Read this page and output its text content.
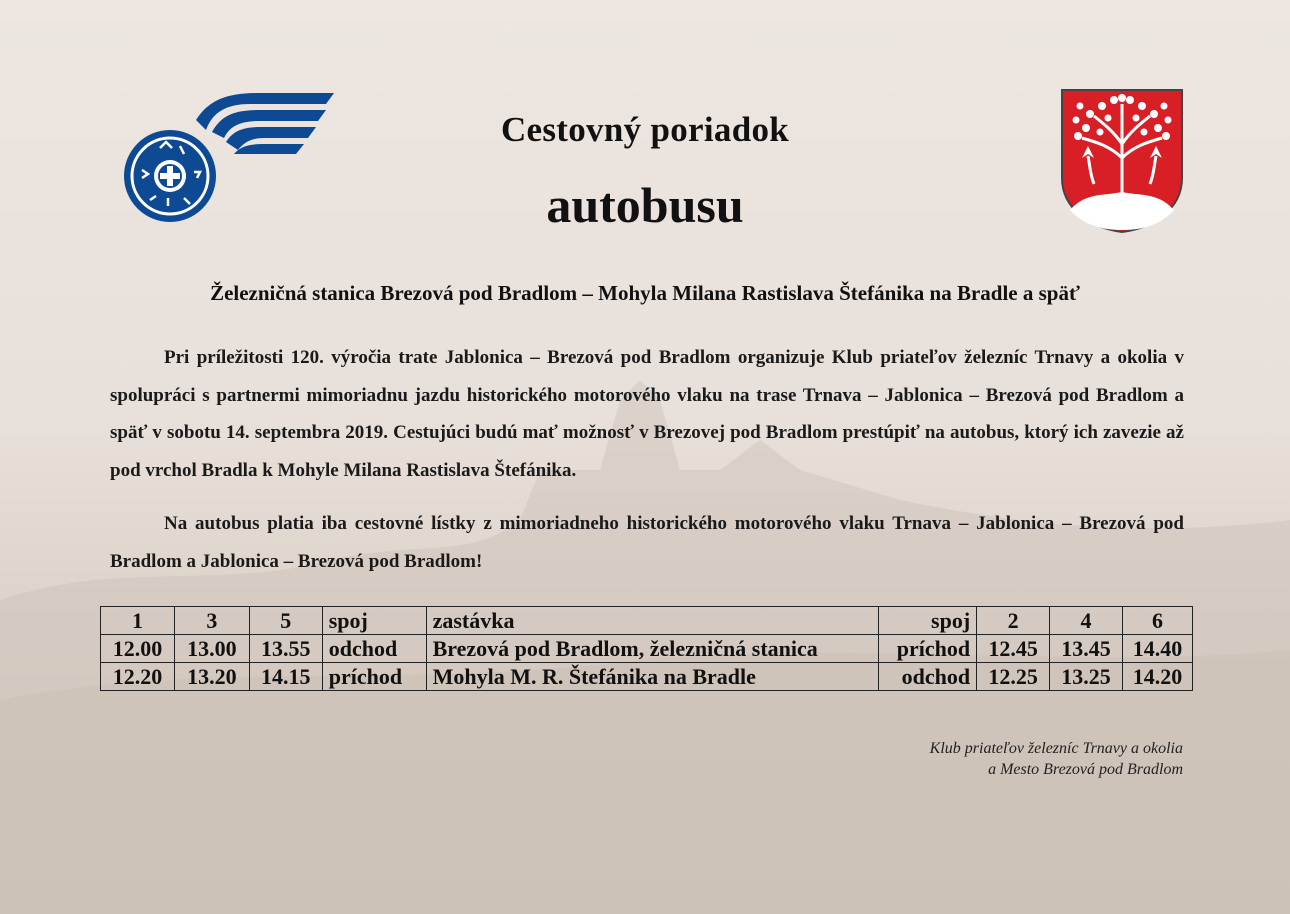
Cestovný poriadok
autobusu
Železničná stanica Brezová pod Bradlom – Mohyla Milana Rastislava Štefánika na Bradle a späť

Pri príležitosti 120. výročia trate Jablonica – Brezová pod Bradlom organizuje Klub priateľov železníc Trnavy a okolia v spolupráci s partnermi mimoriadnu jazdu historického motorového vlaku na trase Trnava – Jablonica – Brezová pod Bradlom a späť v sobotu 14. septembra 2019. Cestujúci budú mať možnosť v Brezovej pod Bradlom prestúpiť na autobus, ktorý ich zavezie až pod vrchol Bradla k Mohyle Milana Rastislava Štefánika.

Na autobus platia iba cestovné lístky z mimoriadneho historického motorového vlaku Trnava – Jablonica – Brezová pod Bradlom a Jablonica – Brezová pod Bradlom!

1	3	5	spoj	zastávka	spoj	2	4	6
12.00	13.00	13.55	odchod	Brezová pod Bradlom, železničná stanica	príchod	12.45	13.45	14.40
12.20	13.20	14.15	príchod	Mohyla M. R. Štefánika na Bradle	odchod	12.25	13.25	14.20
Klub priateľov železníc Trnavy a okolia
a Mesto Brezová pod Bradlom
